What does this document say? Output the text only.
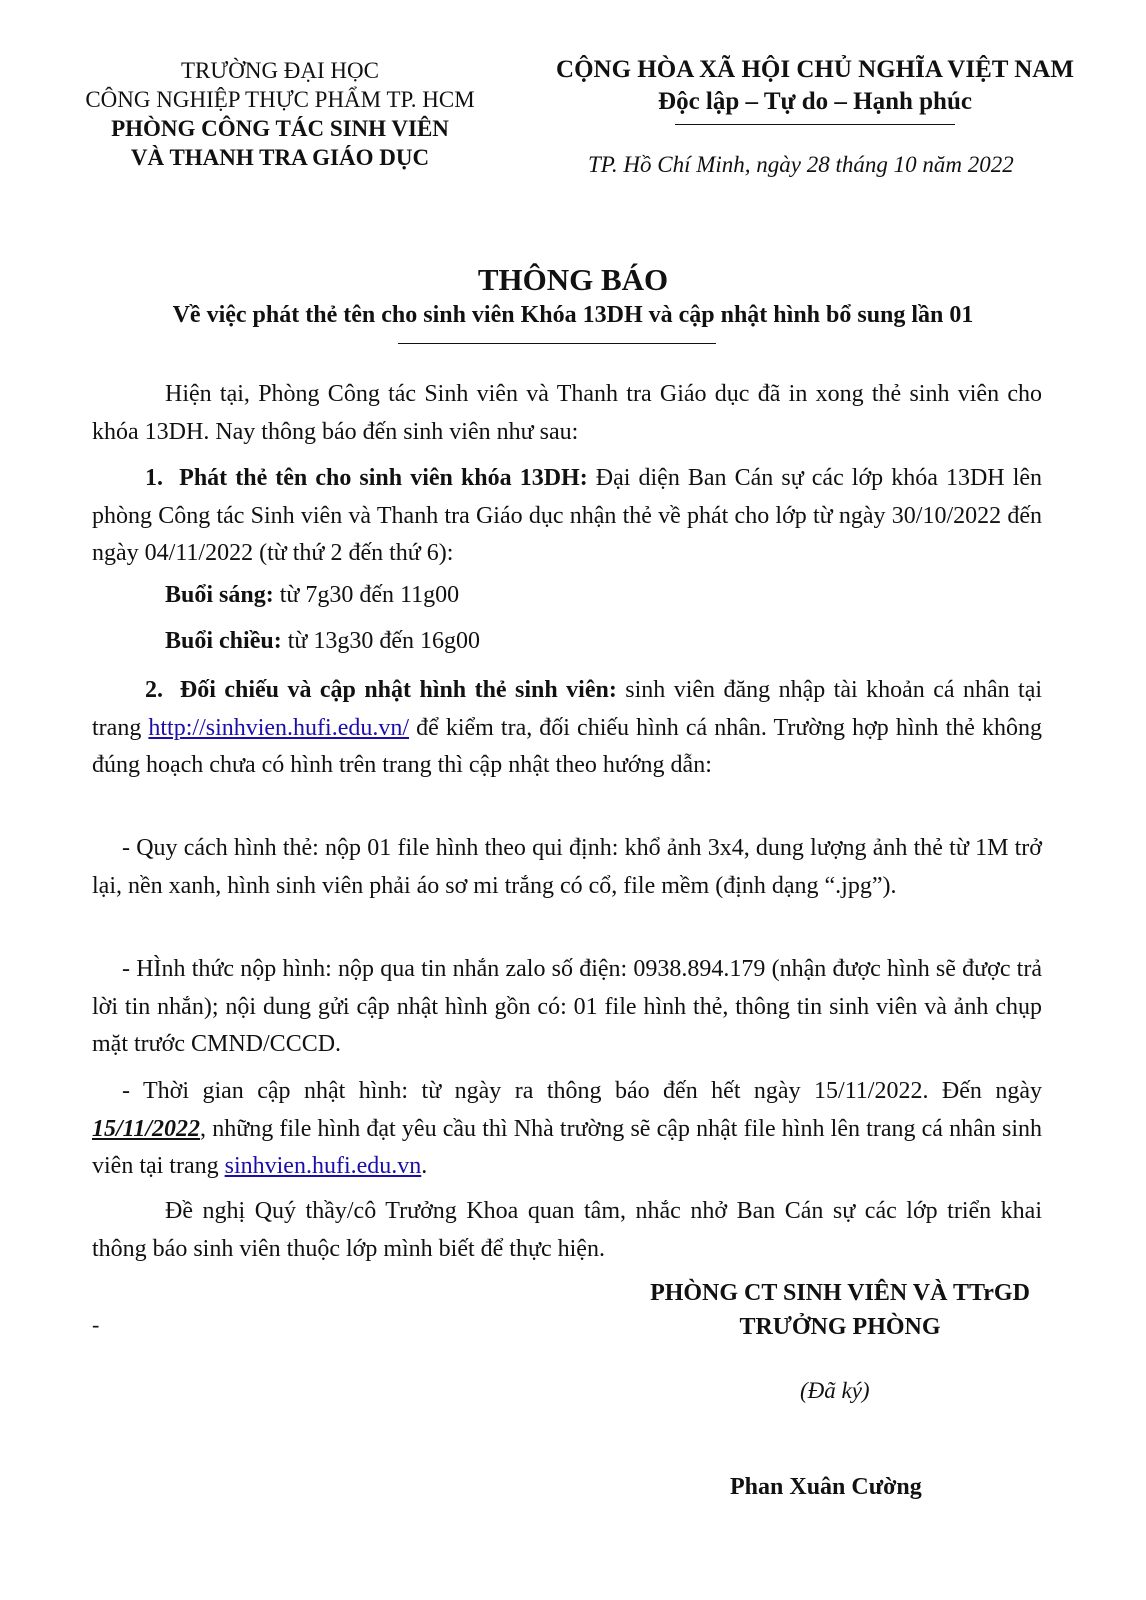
TRƯỜNG ĐẠI HỌC
CÔNG NGHIỆP THỰC PHẨM TP. HCM
PHÒNG CÔNG TÁC SINH VIÊN
VÀ THANH TRA GIÁO DỤC
CỘNG HÒA XÃ HỘI CHỦ NGHĨA VIỆT NAM
Độc lập – Tự do – Hạnh phúc
TP. Hồ Chí Minh, ngày 28 tháng 10 năm 2022
THÔNG BÁO
Về việc phát thẻ tên cho sinh viên Khóa 13DH và cập nhật hình bổ sung lần 01
Hiện tại, Phòng Công tác Sinh viên và Thanh tra Giáo dục đã in xong thẻ sinh viên cho khóa 13DH. Nay thông báo đến sinh viên như sau:
1. Phát thẻ tên cho sinh viên khóa 13DH: Đại diện Ban Cán sự các lớp khóa 13DH lên phòng Công tác Sinh viên và Thanh tra Giáo dục nhận thẻ về phát cho lớp từ ngày 30/10/2022 đến ngày 04/11/2022 (từ thứ 2 đến thứ 6):
Buổi sáng: từ 7g30 đến 11g00
Buổi chiều: từ 13g30 đến 16g00
2. Đối chiếu và cập nhật hình thẻ sinh viên: sinh viên đăng nhập tài khoản cá nhân tại trang http://sinhvien.hufi.edu.vn/ để kiểm tra, đối chiếu hình cá nhân. Trường hợp hình thẻ không đúng hoạch chưa có hình trên trang thì cập nhật theo hướng dẫn:
- Quy cách hình thẻ: nộp 01 file hình theo qui định: khổ ảnh 3x4, dung lượng ảnh thẻ từ 1M trở lại, nền xanh, hình sinh viên phải áo sơ mi trắng có cổ, file mềm (định dạng “.jpg”).
- HÌnh thức nộp hình: nộp qua tin nhắn zalo số điện: 0938.894.179 (nhận được hình sẽ được trả lời tin nhắn); nội dung gửi cập nhật hình gồn có: 01 file hình thẻ, thông tin sinh viên và ảnh chụp mặt trước CMND/CCCD.
- Thời gian cập nhật hình: từ ngày ra thông báo đến hết ngày 15/11/2022. Đến ngày 15/11/2022, những file hình đạt yêu cầu thì Nhà trường sẽ cập nhật file hình lên trang cá nhân sinh viên tại trang sinhvien.hufi.edu.vn.
Đề nghị Quý thầy/cô Trưởng Khoa quan tâm, nhắc nhở Ban Cán sự các lớp triển khai thông báo sinh viên thuộc lớp mình biết để thực hiện.
PHÒNG CT SINH VIÊN VÀ TTrGD
TRƯỞNG PHÒNG
-
(Đã ký)
Phan Xuân Cường
